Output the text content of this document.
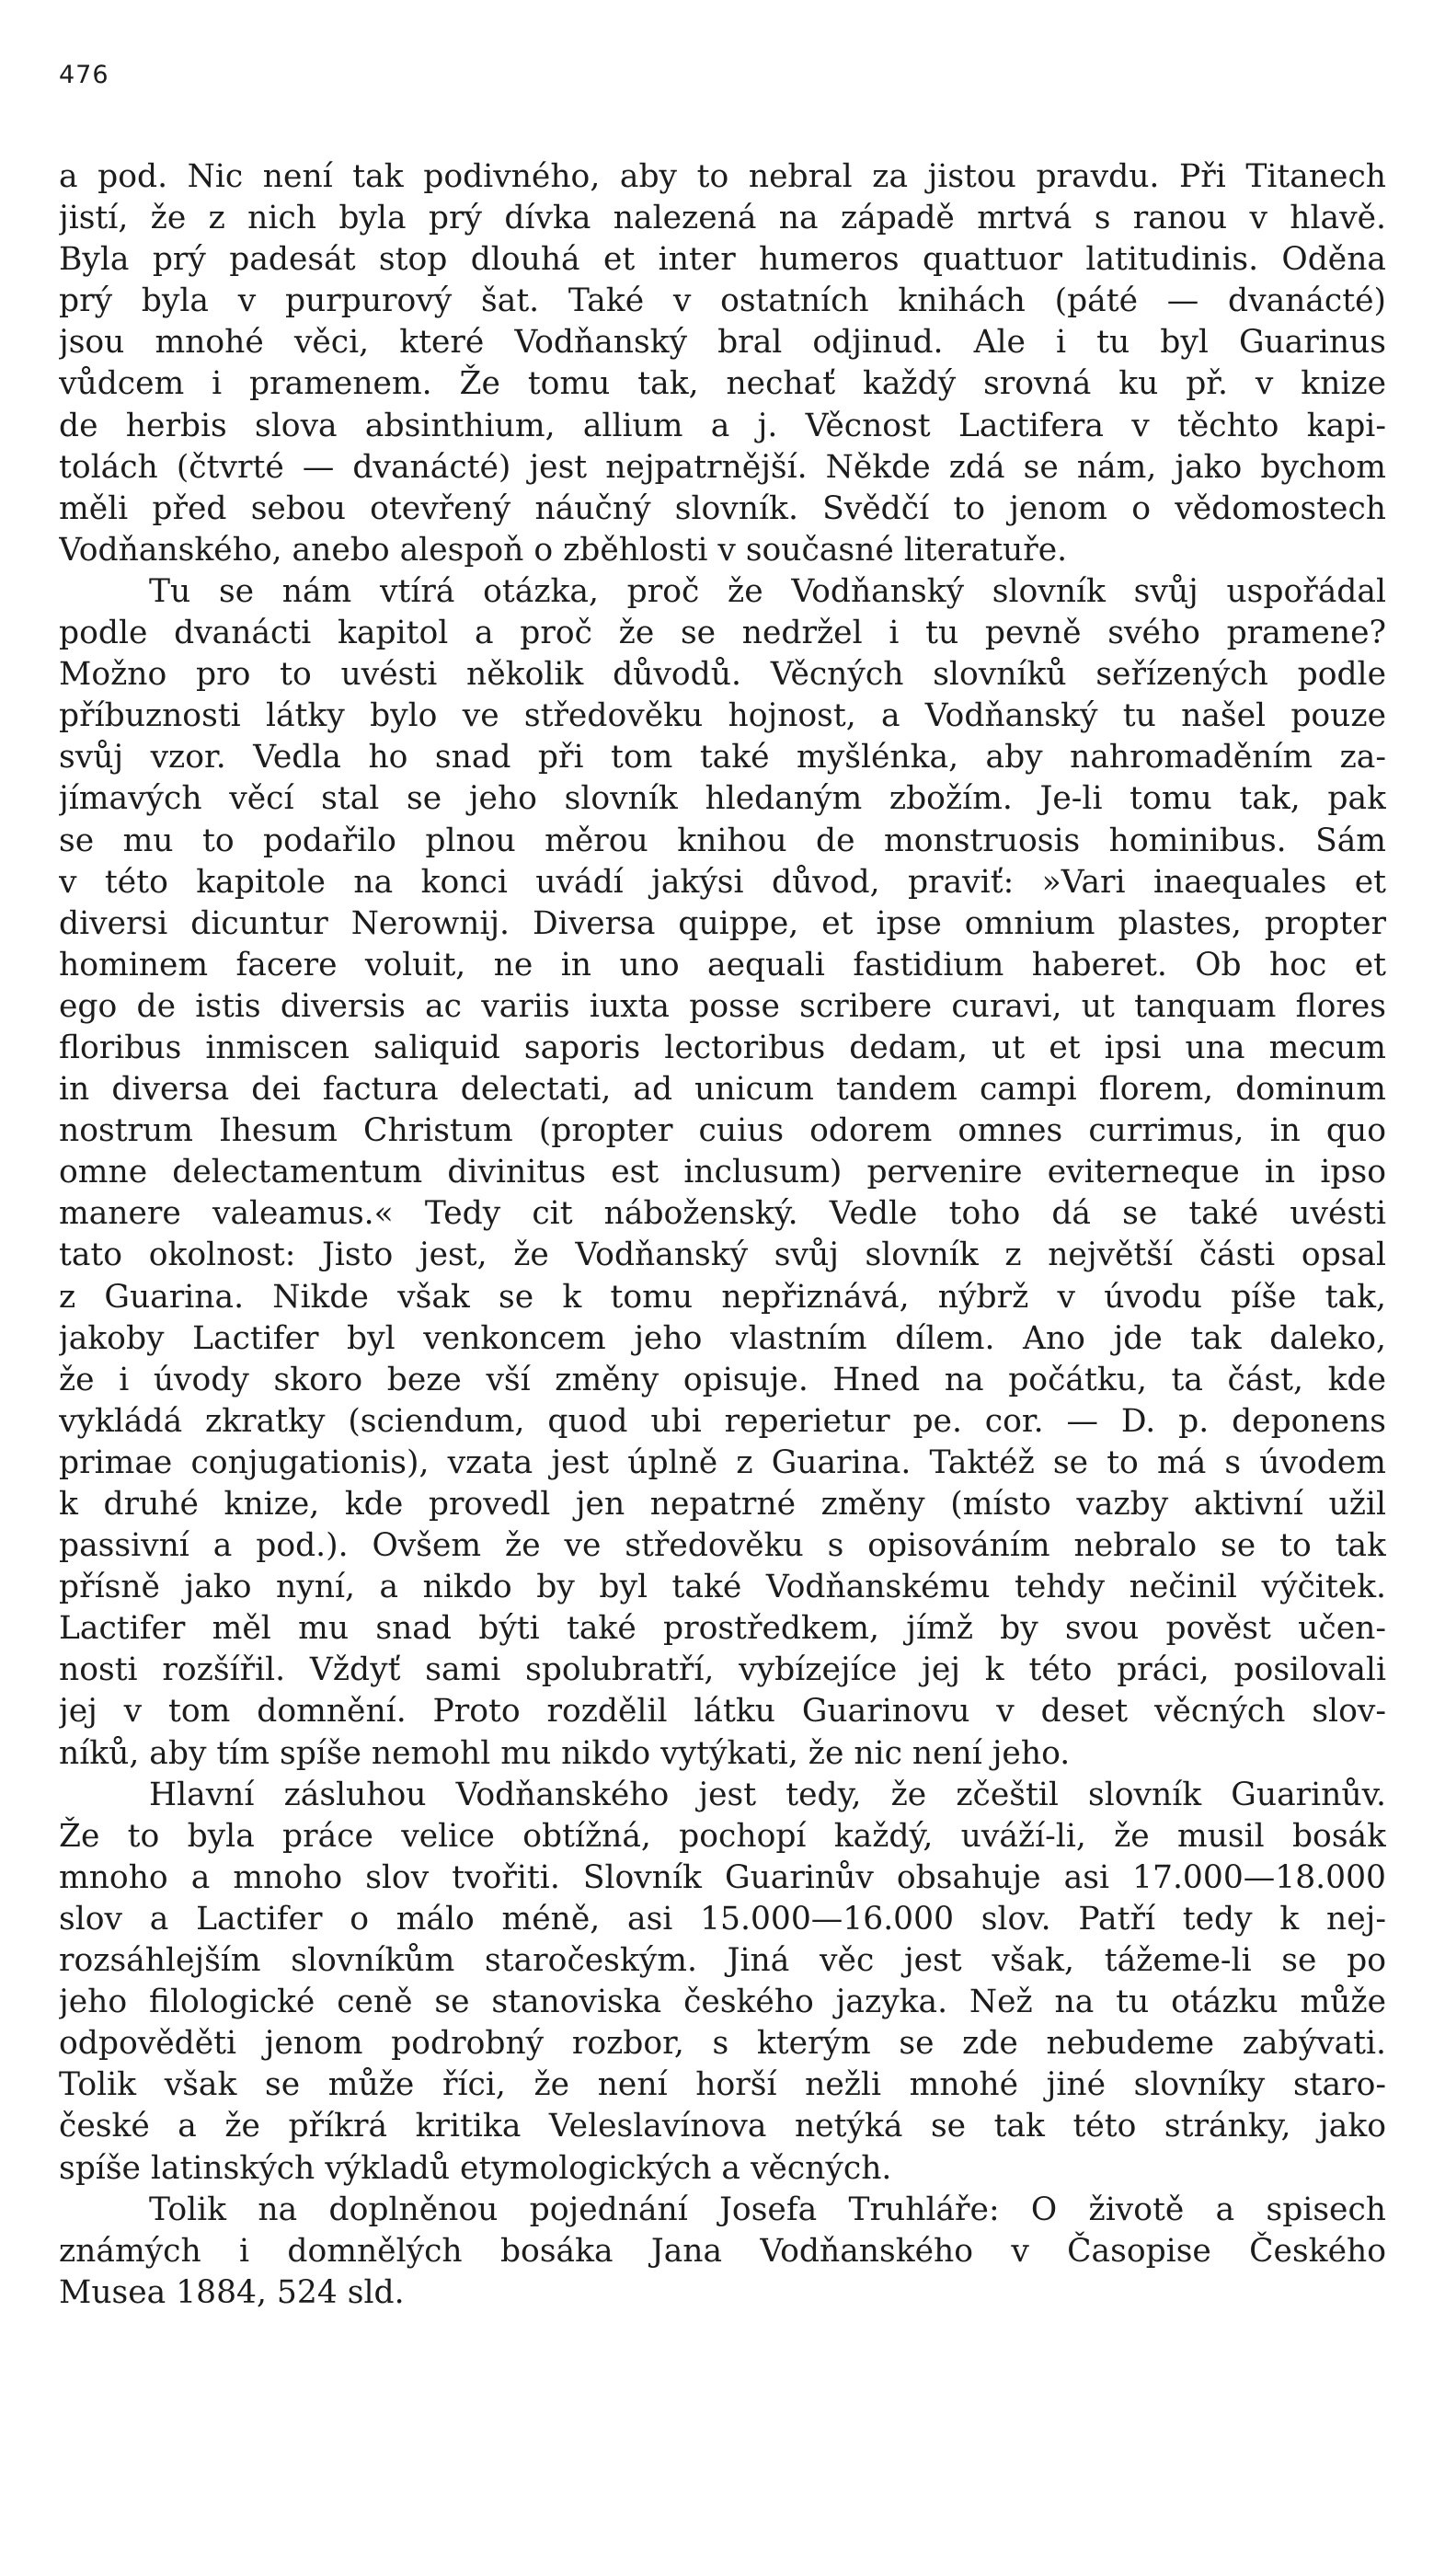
476
a pod. Nic není tak podivného, aby to nebral za jistou pravdu. Při Titanech
jistí, že z nich byla prý dívka nalezená na západě mrtvá s ranou v hlavě.
Byla prý padesát stop dlouhá et inter humeros quattuor latitudinis. Oděna
prý byla v purpurový šat. Také v ostatních knihách (páté — dvanácté)
jsou mnohé věci, které Vodňanský bral odjinud. Ale i tu byl Guarinus
vůdcem i pramenem. Že tomu tak, nechať každý srovná ku př. v knize
de herbis slova absinthium, allium a j. Věcnost Lactifera v těchto kapi-
tolách (čtvrté — dvanácté) jest nejpatrnější. Někde zdá se nám, jako bychom
měli před sebou otevřený náučný slovník. Svědčí to jenom o vědomostech
Vodňanského, anebo alespoň o zběhlosti v současné literatuře.
Tu se nám vtírá otázka, proč že Vodňanský slovník svůj uspořádal
podle dvanácti kapitol a proč že se nedržel i tu pevně svého pramene?
Možno pro to uvésti několik důvodů. Věcných slovníků seřízených podle
příbuznosti látky bylo ve středověku hojnost, a Vodňanský tu našel pouze
svůj vzor. Vedla ho snad při tom také myšlénka, aby nahromaděním za-
jímavých věcí stal se jeho slovník hledaným zbožím. Je-li tomu tak, pak
se mu to podařilo plnou měrou knihou de monstruosis hominibus. Sám
v této kapitole na konci uvádí jakýsi důvod, praviť: »Vari inaequales et
diversi dicuntur Nerownij. Diversa quippe, et ipse omnium plastes, propter
hominem facere voluit, ne in uno aequali fastidium haberet. Ob hoc et
ego de istis diversis ac variis iuxta posse scribere curavi, ut tanquam flores
floribus inmiscen saliquid saporis lectoribus dedam, ut et ipsi una mecum
in diversa dei factura delectati, ad unicum tandem campi florem, dominum
nostrum Ihesum Christum (propter cuius odorem omnes currimus, in quo
omne delectamentum divinitus est inclusum) pervenire eviterneque in ipso
manere valeamus.« Tedy cit náboženský. Vedle toho dá se také uvésti
tato okolnost: Jisto jest, že Vodňanský svůj slovník z největší části opsal
z Guarina. Nikde však se k tomu nepřiznává, nýbrž v úvodu píše tak,
jakoby Lactifer byl venkoncem jeho vlastním dílem. Ano jde tak daleko,
že i úvody skoro beze vší změny opisuje. Hned na počátku, ta část, kde
vykládá zkratky (sciendum, quod ubi reperietur pe. cor. — D. p. deponens
primae conjugationis), vzata jest úplně z Guarina. Taktéž se to má s úvodem
k druhé knize, kde provedl jen nepatrné změny (místo vazby aktivní užil
passivní a pod.). Ovšem že ve středověku s opisováním nebralo se to tak
přísně jako nyní, a nikdo by byl také Vodňanskému tehdy nečinil výčitek.
Lactifer měl mu snad býti také prostředkem, jímž by svou pověst učen-
nosti rozšířil. Vždyť sami spolubratří, vybízejíce jej k této práci, posilovali
jej v tom domnění. Proto rozdělil látku Guarinovu v deset věcných slov-
níků, aby tím spíše nemohl mu nikdo vytýkati, že nic není jeho.
Hlavní zásluhou Vodňanského jest tedy, že zčeštil slovník Guarinův.
Že to byla práce velice obtížná, pochopí každý, uváží-li, že musil bosák
mnoho a mnoho slov tvořiti. Slovník Guarinův obsahuje asi 17.000—18.000
slov a Lactifer o málo méně, asi 15.000—16.000 slov. Patří tedy k nej-
rozsáhlejším slovníkům staročeským. Jiná věc jest však, tážeme-li se po
jeho filologické ceně se stanoviska českého jazyka. Než na tu otázku může
odpověděti jenom podrobný rozbor, s kterým se zde nebudeme zabývati.
Tolik však se může říci, že není horší nežli mnohé jiné slovníky staro-
české a že příkrá kritika Veleslavínova netýká se tak této stránky, jako
spíše latinských výkladů etymologických a věcných.
Tolik na doplněnou pojednání Josefa Truhláře: O životě a spisech
známých i domnělých bosáka Jana Vodňanského v Časopise Českého
Musea 1884, 524 sld.
